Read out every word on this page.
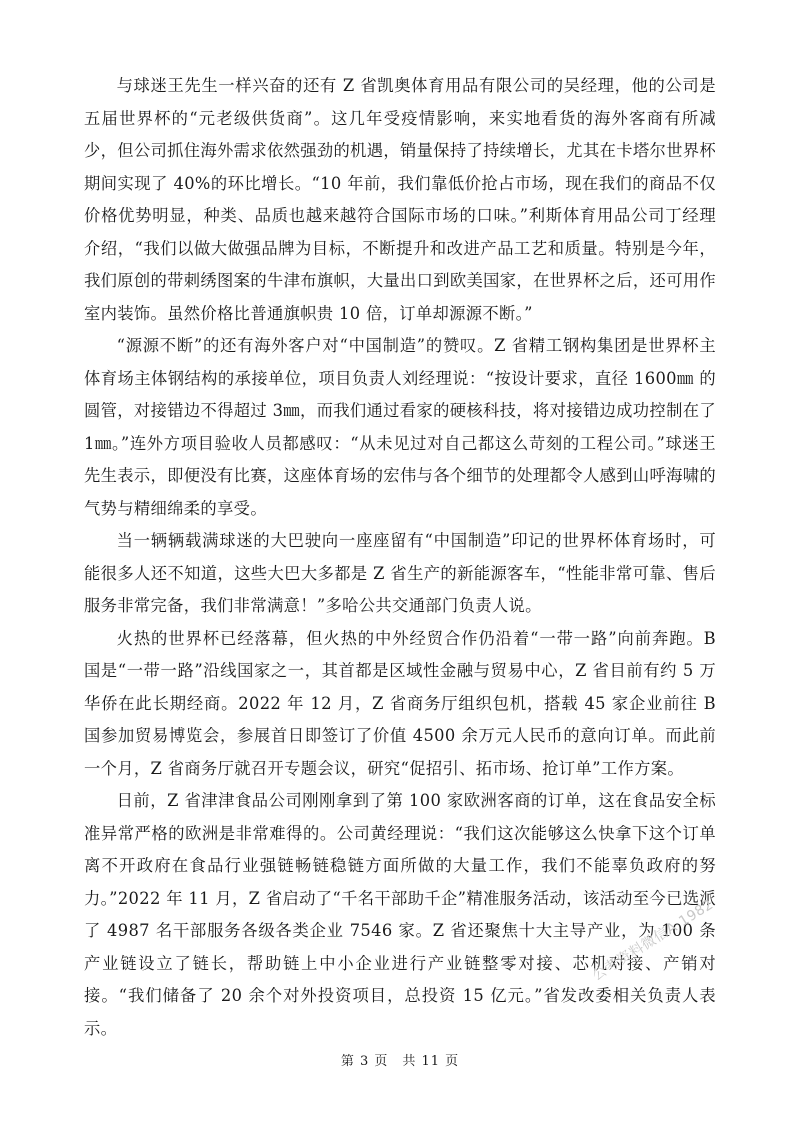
与球迷王先生一样兴奋的还有 Z 省凯奥体育用品有限公司的吴经理，他的公司是五届世界杯的“元老级供货商”。这几年受疫情影响，来实地看货的海外客商有所减少，但公司抓住海外需求依然强劲的机遇，销量保持了持续增长，尤其在卡塔尔世界杯期间实现了 40%的环比增长。“10 年前，我们靠低价抢占市场，现在我们的商品不仅价格优势明显，种类、品质也越来越符合国际市场的口味。”利斯体育用品公司丁经理介绍，“我们以做大做强品牌为目标，不断提升和改进产品工艺和质量。特别是今年，我们原创的带刺绣图案的牛津布旗帜，大量出口到欧美国家，在世界杯之后，还可用作室内装饰。虽然价格比普通旗帜贵 10 倍，订单却源源不断。”

“源源不断”的还有海外客户对“中国制造”的赞叹。Z 省精工钢构集团是世界杯主体育场主体钢结构的承接单位，项目负责人刘经理说：“按设计要求，直径 1600㎜ 的圆管，对接错边不得超过 3㎜，而我们通过看家的硬核科技，将对接错边成功控制在了 1㎜。”连外方项目验收人员都感叹：“从未见过对自己都这么苛刻的工程公司。”球迷王先生表示，即便没有比赛，这座体育场的宏伟与各个细节的处理都令人感到山呼海啸的气势与精细绵柔的享受。

当一辆辆载满球迷的大巴驶向一座座留有“中国制造”印记的世界杯体育场时，可能很多人还不知道，这些大巴大多都是 Z 省生产的新能源客车，“性能非常可靠、售后服务非常完备，我们非常满意！”多哈公共交通部门负责人说。

火热的世界杯已经落幕，但火热的中外经贸合作仍沿着“一带一路”向前奔跑。B 国是“一带一路”沿线国家之一，其首都是区域性金融与贸易中心，Z 省目前有约 5 万华侨在此长期经商。2022 年 12 月，Z 省商务厅组织包机，搭载 45 家企业前往 B 国参加贸易博览会，参展首日即签订了价值 4500 余万元人民币的意向订单。而此前一个月，Z 省商务厅就召开专题会议，研究“促招引、拓市场、抢订单”工作方案。

日前，Z 省津津食品公司刚刚拿到了第 100 家欧洲客商的订单，这在食品安全标准异常严格的欧洲是非常难得的。公司黄经理说：“我们这次能够这么快拿下这个订单离不开政府在食品行业强链畅链稳链方面所做的大量工作，我们不能辜负政府的努力。”2022 年 11 月，Z 省启动了“千名干部助千企”精准服务活动，该活动至今已选派了 4987 名干部服务各级各类企业 7546 家。Z 省还聚焦十大主导产业，为 100 条产业链设立了链长，帮助链上中小企业进行产业链整零对接、芯机对接、产销对接。“我们储备了 20 余个对外投资项目，总投资 15 亿元。”省发改委相关负责人表示。

公考资料微信A 1982
第 3 页　共 11 页
